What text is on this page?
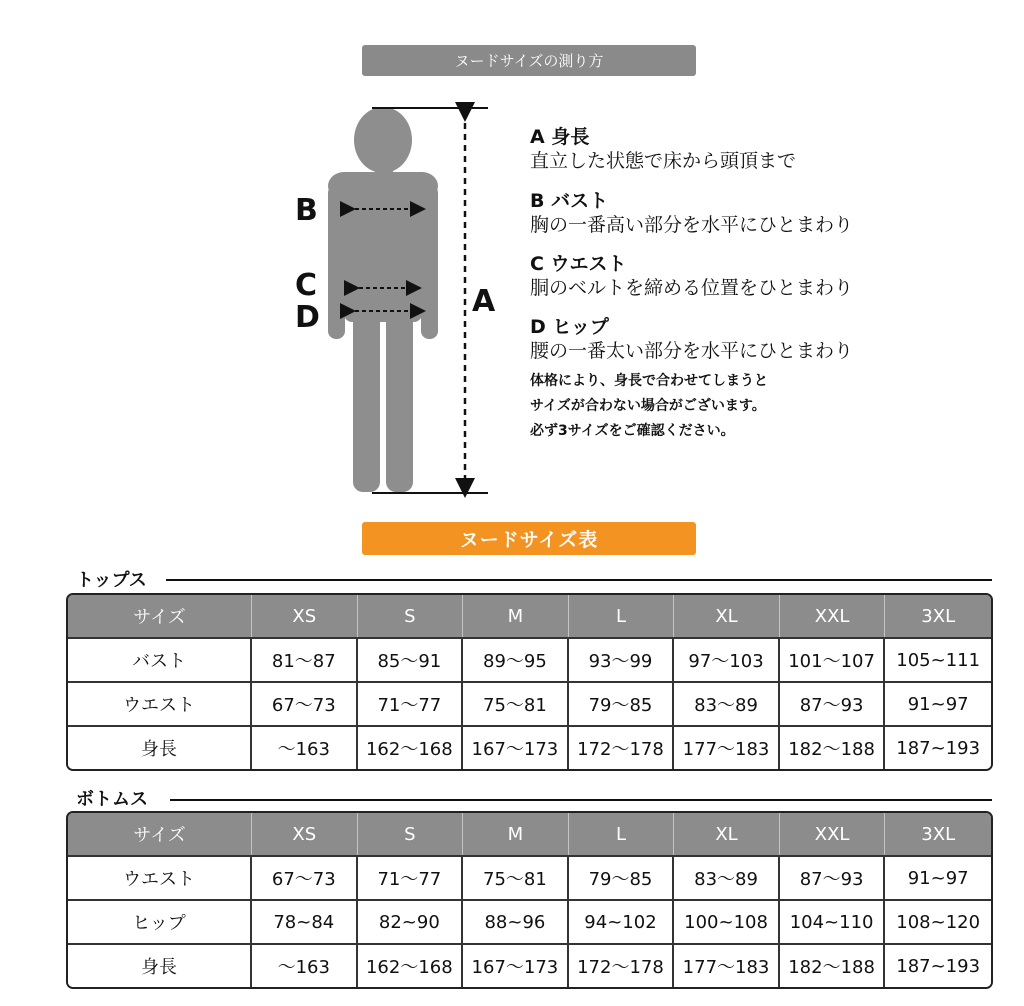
ヌードサイズの測り方
B
C
D	A
A 身長
直立した状態で床から頭頂まで
B バスト
胸の一番高い部分を水平にひとまわり
C ウエスト
胴のベルトを締める位置をひとまわり
D ヒップ
腰の一番太い部分を水平にひとまわり
体格により、身長で合わせてしまうと
サイズが合わない場合がございます。
必ず3サイズをご確認ください。
ヌードサイズ表
トップス
サイズ	XS	S	M	L	XL	XXL	3XL
バスト	81～87	85～91	89～95	93～99	97～103	101～107	105~111
ウエスト	67～73	71～77	75～81	79～85	83～89	87～93	91~97
身長	～163	162～168	167～173	172～178	177～183	182～188	187~193
ボトムス
サイズ	XS	S	M	L	XL	XXL	3XL
ウエスト	67～73	71～77	75～81	79～85	83～89	87～93	91~97
ヒップ	78~84	82~90	88~96	94~102	100~108	104~110	108~120
身長	～163	162～168	167～173	172～178	177～183	182～188	187~193
